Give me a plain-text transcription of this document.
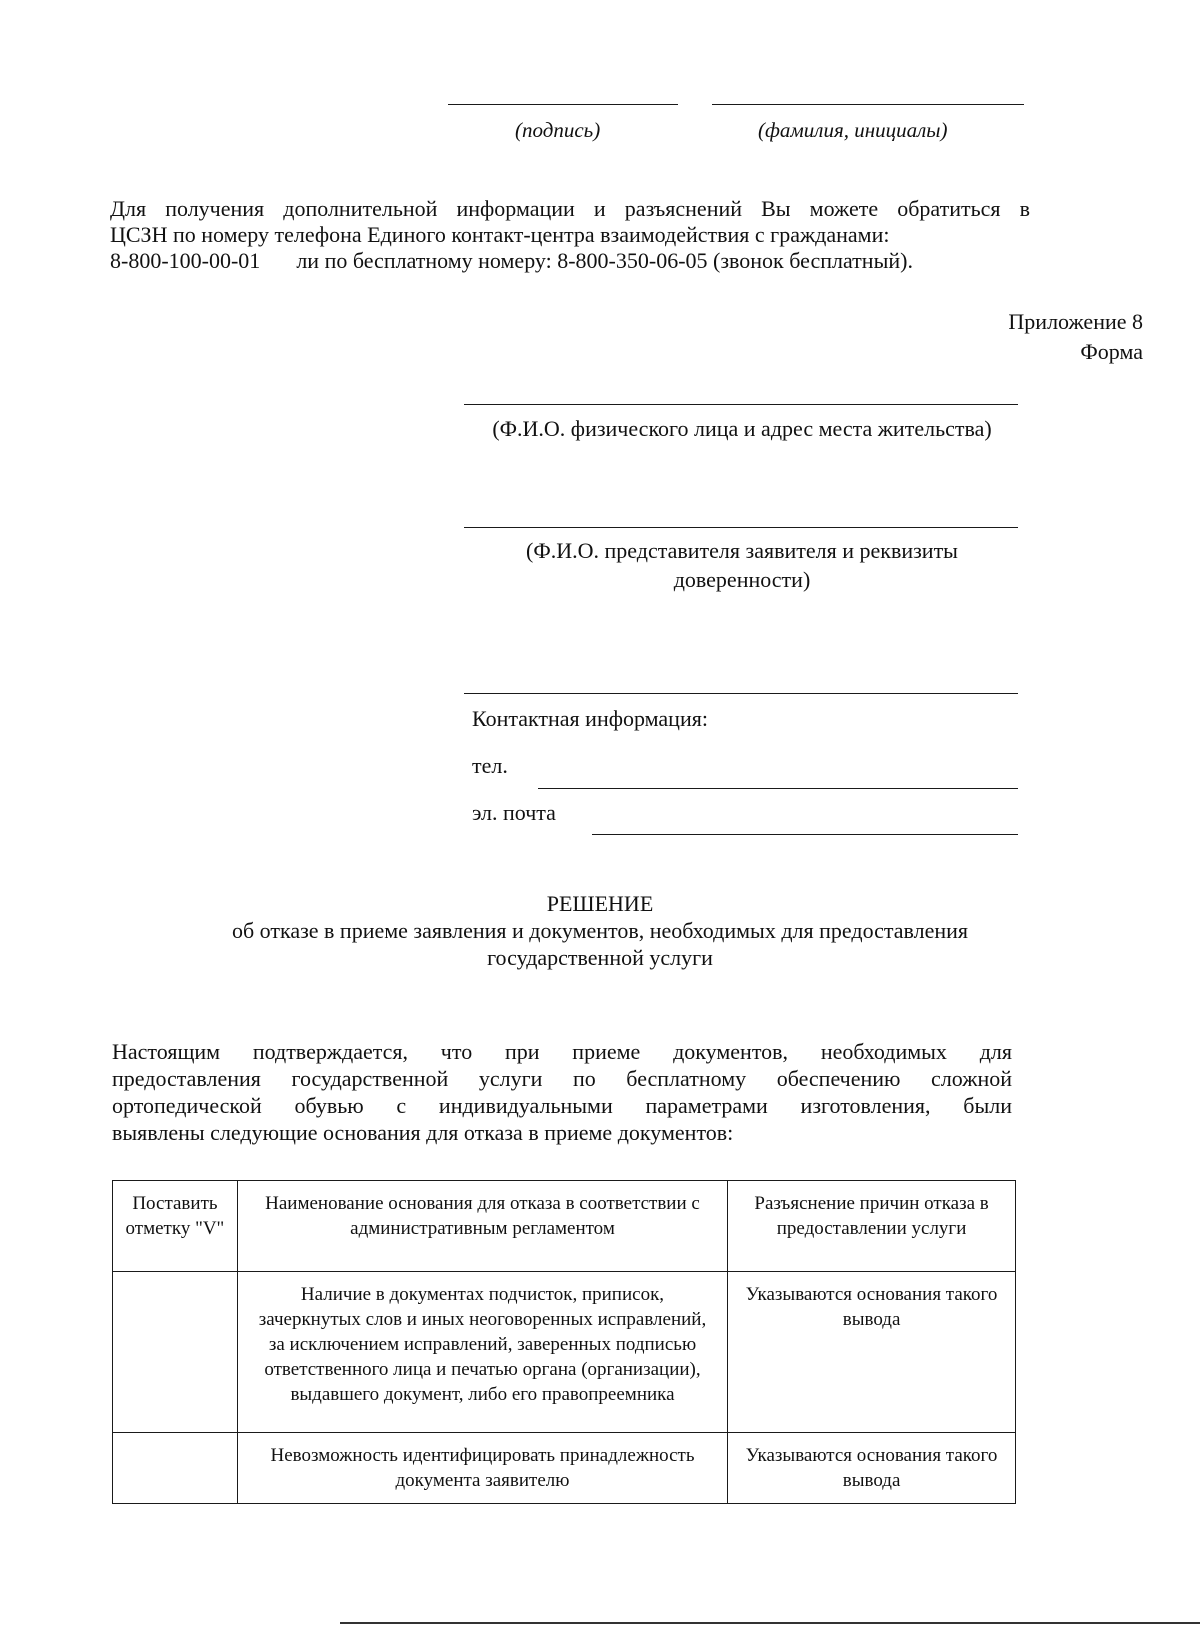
(подпись)	(фамилия, инициалы)

Для получения дополнительной информации и разъяснений Вы можете обратиться в

ЦСЗН по номеру телефона Единого контакт-центра взаимодействия с гражданами:

8-800-100-00-01 ли по бесплатному номеру: 8-800-350-06-05 (звонок бесплатный).

Приложение 8
Форма
(Ф.И.О. физического лица и адрес места жительства)
(Ф.И.О. представителя заявителя и реквизиты доверенности)
Контактная информация:
тел.
эл. почта
РЕШЕНИЕ
об отказе в приеме заявления и документов, необходимых для предоставления
государственной услуги
Настоящим подтверждается, что при приеме документов, необходимых для
предоставления государственной услуги по бесплатному обеспечению сложной
ортопедической обувью с индивидуальными параметрами изготовления, были
выявлены следующие основания для отказа в приеме документов:
Поставить отметку "V"	Наименование основания для отказа в соответствии с административным регламентом	Разъяснение причин отказа в предоставлении услуги
	Наличие в документах подчисток, приписок, зачеркнутых слов и иных неоговоренных исправлений, за исключением исправлений, заверенных подписью ответственного лица и печатью органа (организации), выдавшего документ, либо его правопреемника	Указываются основания такого вывода
	Невозможность идентифицировать принадлежность документа заявителю	Указываются основания такого вывода
